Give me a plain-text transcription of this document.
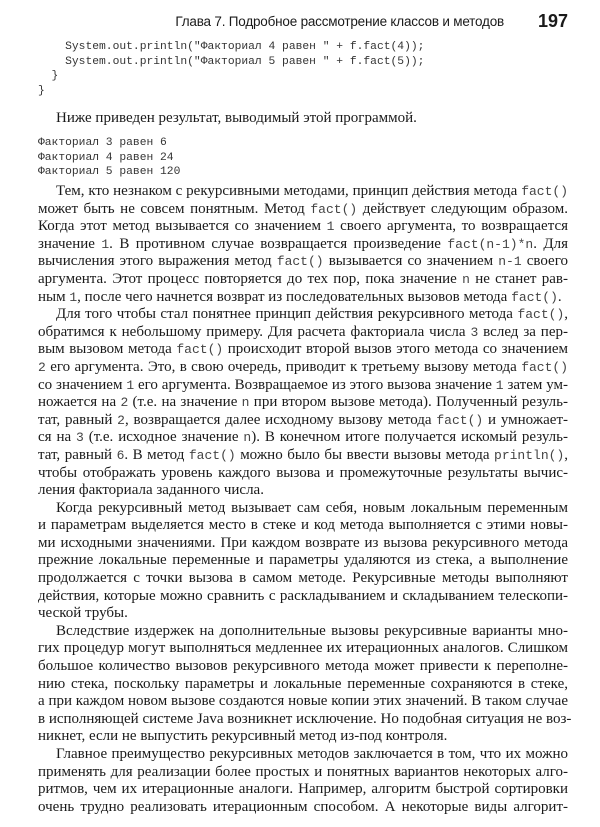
Глава 7. Подробное рассмотрение классов и методов 197
System.out.println("Факториал 4 равен " + f.fact(4));
System.out.println("Факториал 5 равен " + f.fact(5));
}
}
Ниже приведен результат, выводимый этой программой.
Факториал 3 равен 6
Факториал 4 равен 24
Факториал 5 равен 120
Тем, кто незнаком с рекурсивными методами, принцип действия метода fact()
может быть не совсем понятным. Метод fact() действует следующим образом.
Когда этот метод вызывается со значением 1 своего аргумента, то возвращается
значение 1. В противном случае возвращается произведение fact(n-1)*n. Для
вычисления этого выражения метод fact() вызывается со значением n-1 своего
аргумента. Этот процесс повторяется до тех пор, пока значение n не станет рав-
ным 1, после чего начнется возврат из последовательных вызовов метода fact().
Для того чтобы стал понятнее принцип действия рекурсивного метода fact(),
обратимся к небольшому примеру. Для расчета факториала числа 3 вслед за пер-
вым вызовом метода fact() происходит второй вызов этого метода со значением
2 его аргумента. Это, в свою очередь, приводит к третьему вызову метода fact()
со значением 1 его аргумента. Возвращаемое из этого вызова значение 1 затем ум-
ножается на 2 (т.е. на значение n при втором вызове метода). Полученный резуль-
тат, равный 2, возвращается далее исходному вызову метода fact() и умножает-
ся на 3 (т.е. исходное значение n). В конечном итоге получается искомый резуль-
тат, равный 6. В метод fact() можно было бы ввести вызовы метода println(),
чтобы отображать уровень каждого вызова и промежуточные результаты вычис-
ления факториала заданного числа.
Когда рекурсивный метод вызывает сам себя, новым локальным переменным
и параметрам выделяется место в стеке и код метода выполняется с этими новы-
ми исходными значениями. При каждом возврате из вызова рекурсивного метода
прежние локальные переменные и параметры удаляются из стека, а выполнение
продолжается с точки вызова в самом методе. Рекурсивные методы выполняют
действия, которые можно сравнить с раскладыванием и складыванием телескопи-
ческой трубы.
Вследствие издержек на дополнительные вызовы рекурсивные варианты мно-
гих процедур могут выполняться медленнее их итерационных аналогов. Слишком
большое количество вызовов рекурсивного метода может привести к переполне-
нию стека, поскольку параметры и локальные переменные сохраняются в стеке,
а при каждом новом вызове создаются новые копии этих значений. В таком случае
в исполняющей системе Java возникнет исключение. Но подобная ситуация не воз-
никнет, если не выпустить рекурсивный метод из-под контроля.
Главное преимущество рекурсивных методов заключается в том, что их можно
применять для реализации более простых и понятных вариантов некоторых алго-
ритмов, чем их итерационные аналоги. Например, алгоритм быстрой сортировки
очень трудно реализовать итерационным способом. А некоторые виды алгорит-
